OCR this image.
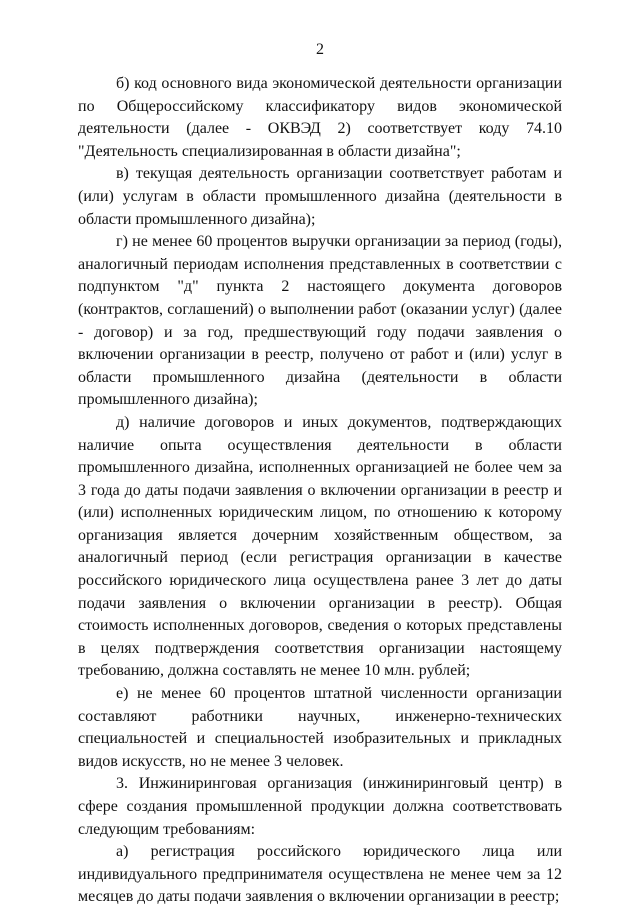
2

б) код основного вида экономической деятельности организации по Общероссийскому классификатору видов экономической деятельности (далее - ОКВЭД 2) соответствует коду 74.10 "Деятельность специализированная в области дизайна";

в) текущая деятельность организации соответствует работам и (или) услугам в области промышленного дизайна (деятельности в области промышленного дизайна);

г) не менее 60 процентов выручки организации за период (годы), аналогичный периодам исполнения представленных в соответствии с подпунктом "д" пункта 2 настоящего документа договоров (контрактов, соглашений) о выполнении работ (оказании услуг) (далее - договор) и за год, предшествующий году подачи заявления о включении организации в реестр, получено от работ и (или) услуг в области промышленного дизайна (деятельности в области промышленного дизайна);

д) наличие договоров и иных документов, подтверждающих наличие опыта осуществления деятельности в области промышленного дизайна, исполненных организацией не более чем за 3 года до даты подачи заявления о включении организации в реестр и (или) исполненных юридическим лицом, по отношению к которому организация является дочерним хозяйственным обществом, за аналогичный период (если регистрация организации в качестве российского юридического лица осуществлена ранее 3 лет до даты подачи заявления о включении организации в реестр). Общая стоимость исполненных договоров, сведения о которых представлены в целях подтверждения соответствия организации настоящему требованию, должна составлять не менее 10 млн. рублей;

е) не менее 60 процентов штатной численности организации составляют работники научных, инженерно-технических специальностей и специальностей изобразительных и прикладных видов искусств, но не менее 3 человек.

3. Инжиниринговая организация (инжиниринговый центр) в сфере создания промышленной продукции должна соответствовать следующим требованиям:

а) регистрация российского юридического лица или индивидуального предпринимателя осуществлена не менее чем за 12 месяцев до даты подачи заявления о включении организации в реестр;
